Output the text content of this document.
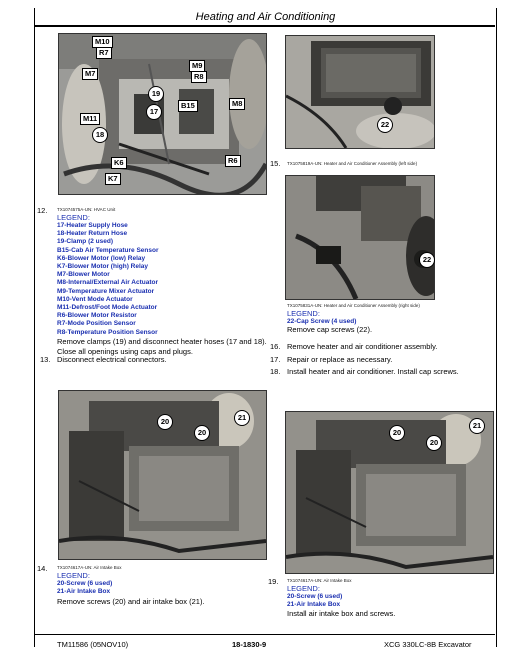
Heating and Air Conditioning
M10
R7
M7
M9
R8
19
17
B15	M8
M11
18
K6	R6
K7
12. TX1074575A-UN: HVAC Unit
LEGEND:
17-Heater Supply Hose
18-Heater Return Hose
19-Clamp (2 used)
B15-Cab Air Temperature Sensor
K6-Blower Motor (low) Relay
K7-Blower Motor (high) Relay
M7-Blower Motor
M8-Internal/External Air Actuator
M9-Temperature Mixer Actuator
M10-Vent Mode Actuator
M11-Defrost/Foot Mode Actuator
R6-Blower Motor Resistor
R7-Mode Position Sensor
R8-Temperature Position Sensor
Remove clamps (19) and disconnect heater hoses (17 and 18). Close all openings using caps and plugs.
13. Disconnect electrical connectors.
22
15. TX1075819A-UN: Heater and Air Conditioner Assembly (left side)
22
TX1075831A-UN: Heater and Air Conditioner Assembly (right side)
LEGEND:
22-Cap Screw (4 used)
Remove cap screws (22).
16. Remove heater and air conditioner assembly.
17. Repair or replace as necessary.
18. Install heater and air conditioner. Install cap screws.
20	21
20
14. TX1074617A-UN: Air Intake Box
LEGEND:
20-Screw (6 used)
21-Air Intake Box
Remove screws (20) and air intake box (21).
20
21
20
19. TX1074617A-UN: Air Intake Box
LEGEND:
20-Screw (6 used)
21-Air Intake Box
Install air intake box and screws.
TM11586 (05NOV10)	18-1830-9	XCG 330LC-8B Excavator
